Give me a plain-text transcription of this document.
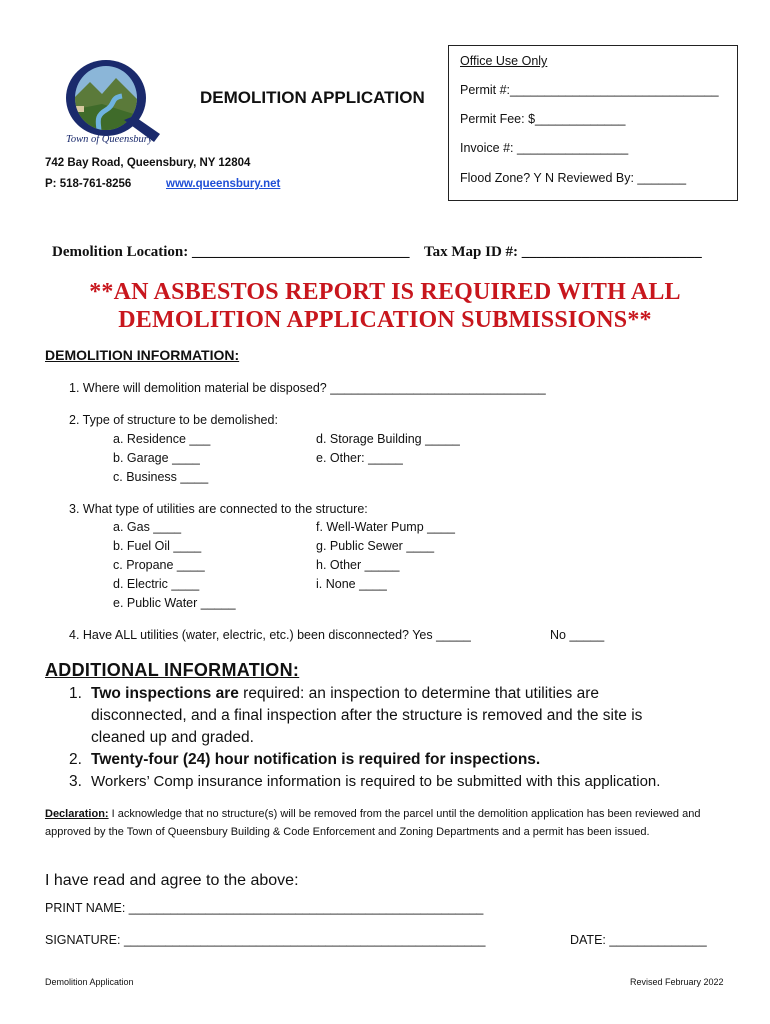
Town of Queensbury
DEMOLITION APPLICATION
742 Bay Road, Queensbury, NY 12804
P: 518-761-8256	www.queensbury.net
Office Use Only
Permit #:______________________________
Permit Fee: $_____________
Invoice #: ________________
Flood Zone? Y N Reviewed By: _______
Demolition Location: _____________________________ Tax Map ID #: ________________________
**AN ASBESTOS REPORT IS REQUIRED WITH ALL
DEMOLITION APPLICATION SUBMISSIONS**
DEMOLITION INFORMATION:
1. Where will demolition material be disposed? _______________________________
2. Type of structure to be demolished:
a. Residence ___
b. Garage ____
c. Business ____
d. Storage Building _____
e. Other: _____
3. What type of utilities are connected to the structure:
a. Gas ____
b. Fuel Oil ____
c. Propane ____
d. Electric ____
e. Public Water _____
f. Well-Water Pump ____
g. Public Sewer ____
h. Other _____
i. None ____
4. Have ALL utilities (water, electric, etc.) been disconnected? Yes _____	No _____
ADDITIONAL INFORMATION:
1. Two inspections are required: an inspection to determine that utilities are
disconnected, and a final inspection after the structure is removed and the site is
cleaned up and graded.
2. Twenty-four (24) hour notification is required for inspections.
3. Workers’ Comp insurance information is required to be submitted with this application.
Declaration: I acknowledge that no structure(s) will be removed from the parcel until the demolition application has been reviewed and approved by the Town of Queensbury Building & Code Enforcement and Zoning Departments and a permit has been issued.
I have read and agree to the above:
PRINT NAME: ___________________________________________________
SIGNATURE: ____________________________________________________	DATE: ______________
Demolition Application	Revised February 2022
